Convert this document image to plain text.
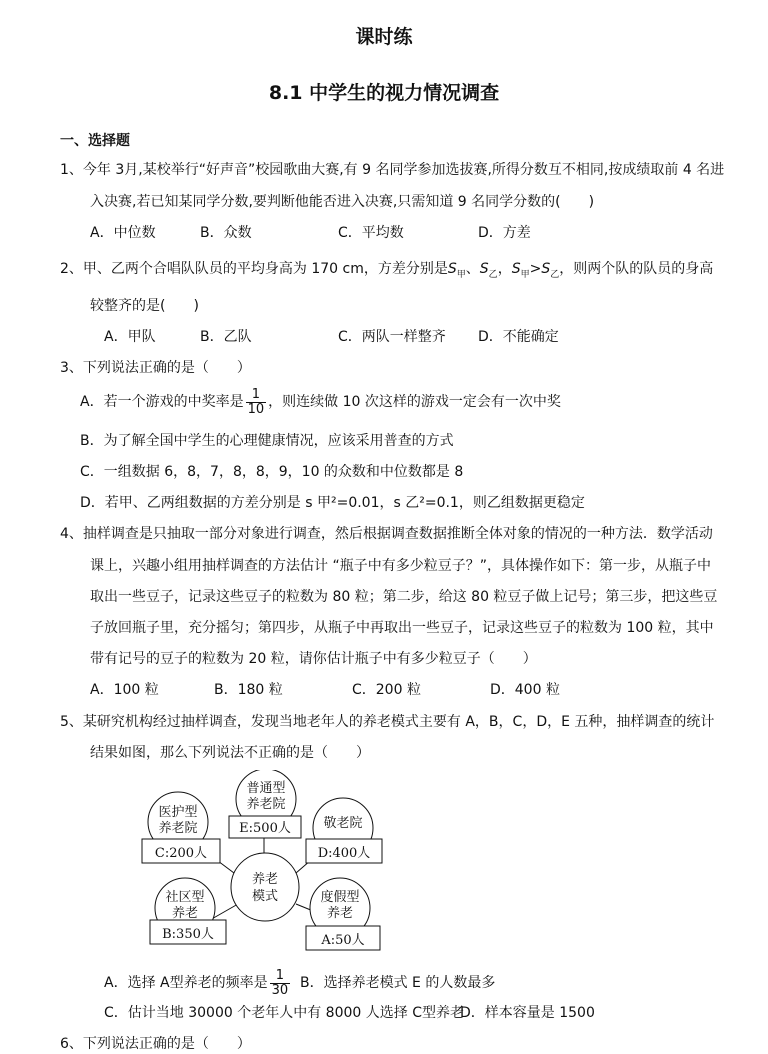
课时练
8.1 中学生的视力情况调查
一、选择题
1、今年 3月,某校举行“好声音”校园歌曲大赛,有 9 名同学参加选拔赛,所得分数互不相同,按成绩取前 4 名进
入决赛,若已知某同学分数,要判断他能否进入决赛,只需知道 9 名同学分数的(　　)
A．中位数	B．众数	C．平均数	D．方差
2、甲、乙两个合唱队队员的平均身高为 170 cm，方差分别是$S_甲$、$S_乙$，$S_甲>S_乙$，则两个队的队员的身高
较整齐的是(　　)
A．甲队	B．乙队	C．两队一样整齐 D．不能确定
3、下列说法正确的是（　　）
A．若一个游戏的中奖率是 $\frac{1}{10}$ ，则连续做 10 次这样的游戏一定会有一次中奖
B．为了解全国中学生的心理健康情况，应该采用普查的方式
C．一组数据 6，8，7，8，8，9，10 的众数和中位数都是 8
D．若甲、乙两组数据的方差分别是 s 甲²=0.01，s 乙²=0.1，则乙组数据更稳定
4、抽样调查是只抽取一部分对象进行调查，然后根据调查数据推断全体对象的情况的一种方法．数学活动
课上，兴趣小组用抽样调查的方法估计 “瓶子中有多少粒豆子？”，具体操作如下：第一步，从瓶子中
取出一些豆子，记录这些豆子的粒数为 80 粒；第二步，给这 80 粒豆子做上记号；第三步，把这些豆
子放回瓶子里，充分摇匀；第四步，从瓶子中再取出一些豆子，记录这些豆子的粒数为 100 粒，其中
带有记号的豆子的粒数为 20 粒，请你估计瓶子中有多少粒豆子（　　）
A．100 粒	B．180 粒	C．200 粒	D．400 粒
5、某研究机构经过抽样调查，发现当地老年人的养老模式主要有 A，B，C，D，E 五种，抽样调查的统计
结果如图，那么下列说法不正确的是（　　）
养老
模式
普通型
养老院
E:500人
医护型
养老院
C:200人
敬老院
D:400人
社区型
养老
B:350人
度假型
养老
A:50人
A．选择 A型养老的频率是 $\frac{1}{30}$ B．选择养老模式 E 的人数最多
C．估计当地 30000 个老年人中有 8000 人选择 C型养老
D．样本容量是 1500
6、下列说法正确的是（　　）
